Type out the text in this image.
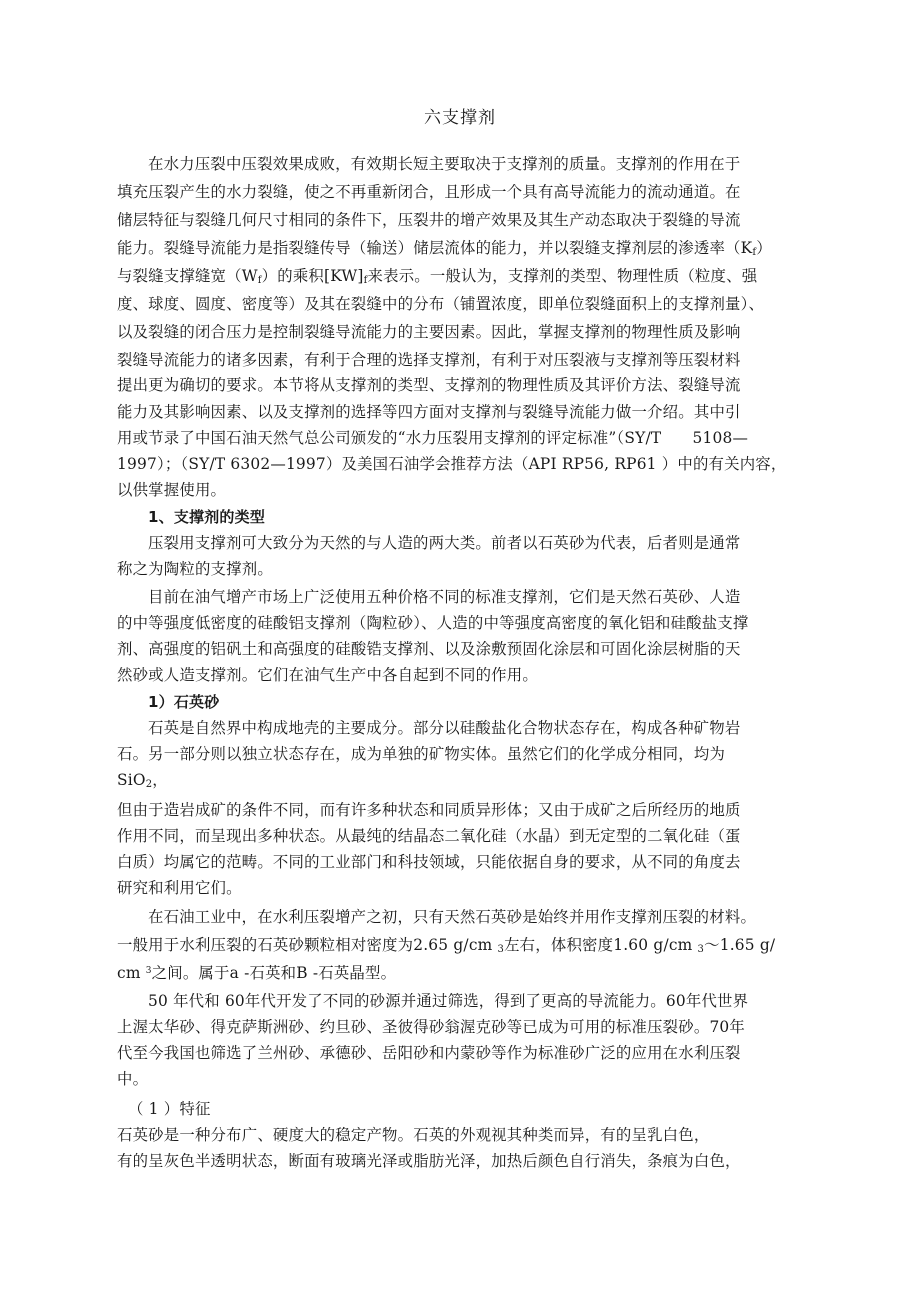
六支撑剂
在水力压裂中压裂效果成败，有效期长短主要取决于支撑剂的质量。支撑剂的作用在于
填充压裂产生的水力裂缝，使之不再重新闭合，且形成一个具有高导流能力的流动通道。在
储层特征与裂缝几何尺寸相同的条件下，压裂井的增产效果及其生产动态取决于裂缝的导流
能力。裂缝导流能力是指裂缝传导（输送）储层流体的能力，并以裂缝支撑剂层的渗透率$(K_f)$
与裂缝支撑缝宽$(W_f)$的乘积$[KW]_f$来表示。一般认为，支撑剂的类型、物理性质（粒度、强
度、球度、圆度、密度等）及其在裂缝中的分布（铺置浓度，即单位裂缝面积上的支撑剂量）、
以及裂缝的闭合压力是控制裂缝导流能力的主要因素。因此，掌握支撑剂的物理性质及影响
裂缝导流能力的诸多因素，有利于合理的选择支撑剂，有利于对压裂液与支撑剂等压裂材料
提出更为确切的要求。本节将从支撑剂的类型、支撑剂的物理性质及其评价方法、裂缝导流
能力及其影响因素、以及支撑剂的选择等四方面对支撑剂与裂缝导流能力做一介绍。其中引
用或节录了中国石油天然气总公司颁发的“水力压裂用支撑剂的评定标准”（SY/T　　5108—
1997）；（SY/T 6302—1997）及美国石油学会推荐方法（API RP56, RP61 ）中的有关内容，
以供掌握使用。
1、支撑剂的类型
压裂用支撑剂可大致分为天然的与人造的两大类。前者以石英砂为代表，后者则是通常
称之为陶粒的支撑剂。
目前在油气增产市场上广泛使用五种价格不同的标准支撑剂，它们是天然石英砂、人造
的中等强度低密度的硅酸铝支撑剂（陶粒砂）、人造的中等强度高密度的氧化铝和硅酸盐支撑
剂、高强度的铝矾土和高强度的硅酸锆支撑剂、以及涂敷预固化涂层和可固化涂层树脂的天
然砂或人造支撑剂。它们在油气生产中各自起到不同的作用。
1）石英砂
石英是自然界中构成地壳的主要成分。部分以硅酸盐化合物状态存在，构成各种矿物岩
石。另一部分则以独立状态存在，成为单独的矿物实体。虽然它们的化学成分相同，均为
SiO$_2$，
但由于造岩成矿的条件不同，而有许多种状态和同质异形体；又由于成矿之后所经历的地质
作用不同，而呈现出多种状态。从最纯的结晶态二氧化硅（水晶）到无定型的二氧化硅（蛋
白质）均属它的范畴。不同的工业部门和科技领域，只能依据自身的要求，从不同的角度去
研究和利用它们。
在石油工业中，在水利压裂增产之初，只有天然石英砂是始终并用作支撑剂压裂的材料。
一般用于水利压裂的石英砂颗粒相对密度为2.65 g/cm $_3$左右，体积密度1.60 g/cm $_3$～1.65 g/
cm $^3$之间。属于a -石英和B -石英晶型。
50 年代和 60年代开发了不同的砂源并通过筛选，得到了更高的导流能力。60年代世界
上渥太华砂、得克萨斯洲砂、约旦砂、圣彼得砂翁渥克砂等已成为可用的标准压裂砂。70年
代至今我国也筛选了兰州砂、承德砂、岳阳砂和内蒙砂等作为标准砂广泛的应用在水利压裂
中。
（ 1 ）特征
石英砂是一种分布广、硬度大的稳定产物。石英的外观视其种类而异，有的呈乳白色，
有的呈灰色半透明状态，断面有玻璃光泽或脂肪光泽，加热后颜色自行消失，条痕为白色，
